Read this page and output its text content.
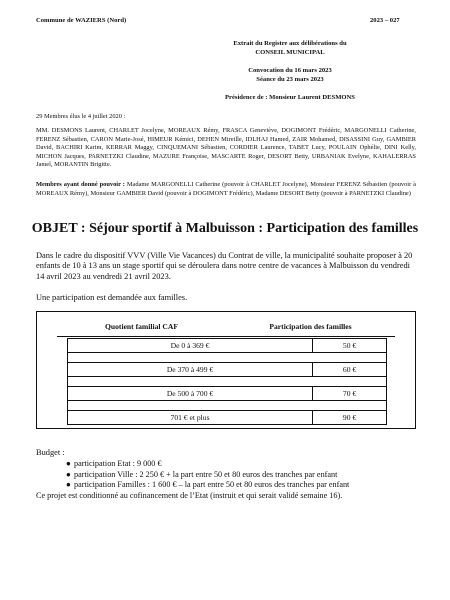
Commune de WAZIERS (Nord)	2023 – 027
Extrait du Registre aux délibérations du
CONSEIL MUNICIPAL
Convocation du 16 mars 2023
Séance du 23 mars 2023
Présidence de : Monsieur Laurent DESMONS
29 Membres élus le 4 juillet 2020 :
MM. DESMONS Laurent, CHARLET Jocelyne, MOREAUX Rémy, FRASCA Geneviève, DOGIMONT Frédéric, MARGONELLI Catherine, FERENZ Sébastien, CARON Marie-José, HIMEUR Kémici, DEHEN Mireille, IDLHAJ Hamed, ZAIR Mohamed, DISASSINI Guy, GAMBIER David, BACHIRI Karim, KERRAR Maggy, CINQUEMANI Sébastien, CORDIER Laurence, TABET Lucy, POULAIN Ophélie, DINI Kelly, MICHON Jacques, PARNETZKI Claudine, MAZURE Françoise, MASCARTE Roger, DESORT Betty, URBANIAK Evelyne, KAHALERRAS Jamel, MORANTIN Brigitte.
Membres ayant donné pouvoir : Madame MARGONELLI Catherine (pouvoir à CHARLET Jocelyne), Monsieur FERENZ Sébastien (pouvoir à MOREAUX Rémy), Monsieur GAMBIER David (pouvoir à DOGIMONT Frédéric), Madame DESORT Betty (pouvoir à PARNETZKI Claudine)
OBJET : Séjour sportif à Malbuisson : Participation des familles
Dans le cadre du dispositif VVV (Ville Vie Vacances) du Contrat de ville, la municipalité souhaite proposer à 20 enfants de 10 à 13 ans un stage sportif qui se déroulera dans notre centre de vacances à Malbuisson du vendredi 14 avril 2023 au vendredi 21 avril 2023.
Une participation est demandée aux familles.
Quotient familial CAF	Participation des familles
De 0 à 369 €	50 €

De 370 à 499 €	60 €

De 500 à 700 €	70 €

701 € et plus	90 €
Budget :
● participation Etat : 9 000 €
● participation Ville : 2 250 € + la part entre 50 et 80 euros des tranches par enfant
● participation Familles : 1 600 € – la part entre 50 et 80 euros des tranches par enfant
Ce projet est conditionné au cofinancement de l’Etat (instruit et qui serait validé semaine 16).
